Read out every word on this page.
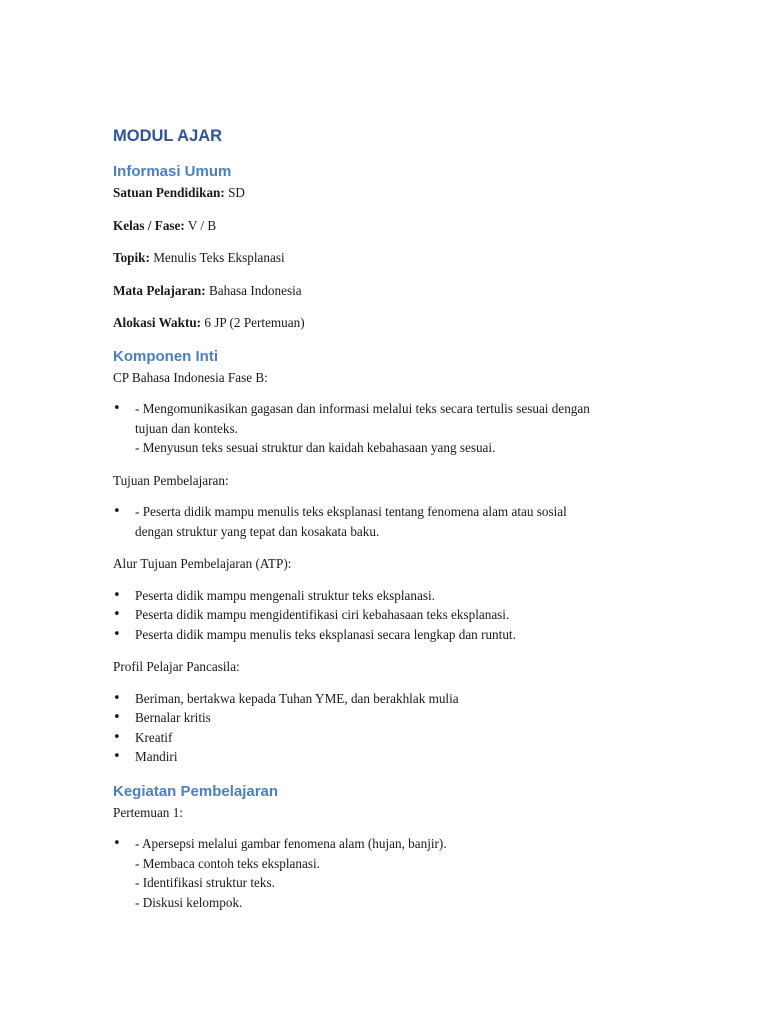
MODUL AJAR
Informasi Umum

Satuan Pendidikan: SD

Kelas / Fase: V / B

Topik: Menulis Teks Eksplanasi

Mata Pelajaran: Bahasa Indonesia

Alokasi Waktu: 6 JP (2 Pertemuan)

Komponen Inti

CP Bahasa Indonesia Fase B:

• - Mengomunikasikan gagasan dan informasi melalui teks secara tertulis sesuai dengan
tujuan dan konteks.
- Menyusun teks sesuai struktur dan kaidah kebahasaan yang sesuai.

Tujuan Pembelajaran:

• - Peserta didik mampu menulis teks eksplanasi tentang fenomena alam atau sosial
dengan struktur yang tepat dan kosakata baku.

Alur Tujuan Pembelajaran (ATP):

• Peserta didik mampu mengenali struktur teks eksplanasi.
• Peserta didik mampu mengidentifikasi ciri kebahasaan teks eksplanasi.
• Peserta didik mampu menulis teks eksplanasi secara lengkap dan runtut.

Profil Pelajar Pancasila:

• Beriman, bertakwa kepada Tuhan YME, dan berakhlak mulia
• Bernalar kritis
• Kreatif
• Mandiri
Kegiatan Pembelajaran

Pertemuan 1:

• - Apersepsi melalui gambar fenomena alam (hujan, banjir).
- Membaca contoh teks eksplanasi.
- Identifikasi struktur teks.
- Diskusi kelompok.
